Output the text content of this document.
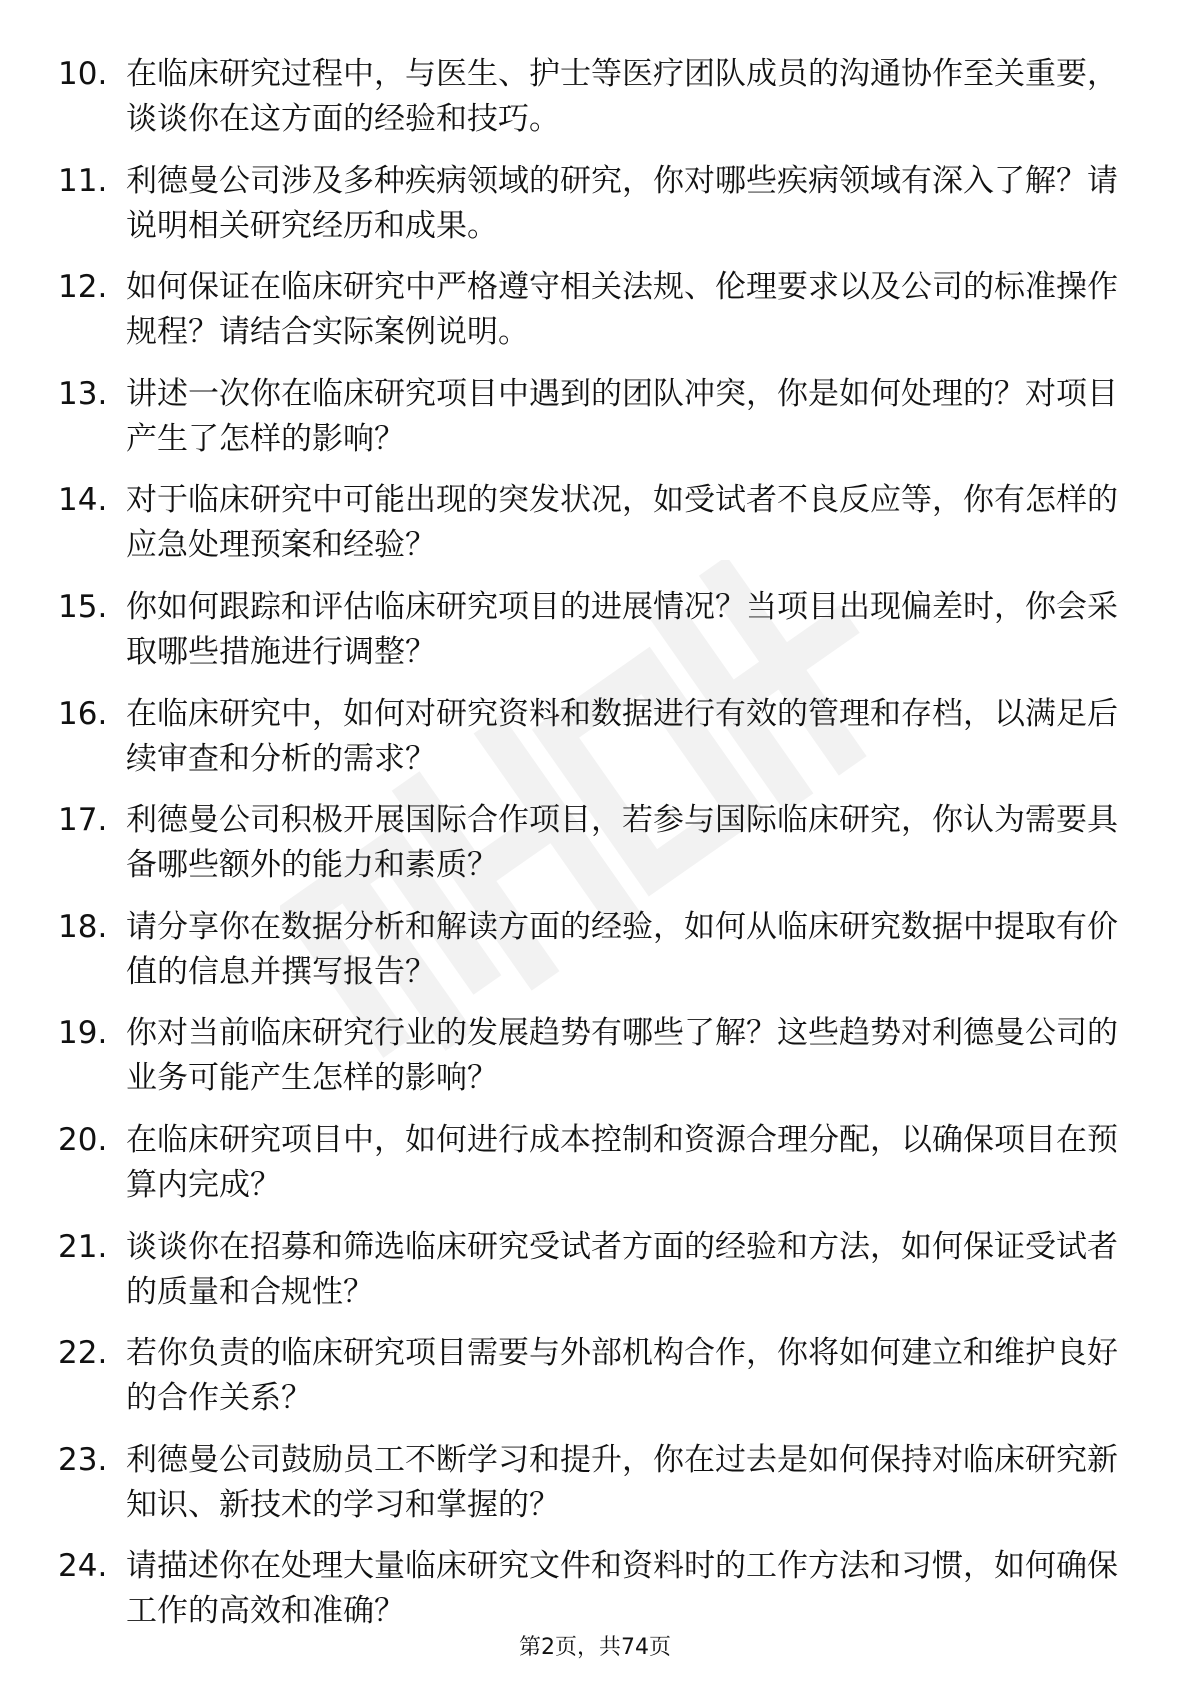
10. 在临床研究过程中，与医生、护士等医疗团队成员的沟通协作至关重要，谈谈你在这方面的经验和技巧。
11. 利德曼公司涉及多种疾病领域的研究，你对哪些疾病领域有深入了解？请说明相关研究经历和成果。
12. 如何保证在临床研究中严格遵守相关法规、伦理要求以及公司的标准操作规程？请结合实际案例说明。
13. 讲述一次你在临床研究项目中遇到的团队冲突，你是如何处理的？对项目产生了怎样的影响？
14. 对于临床研究中可能出现的突发状况，如受试者不良反应等，你有怎样的应急处理预案和经验？
15. 你如何跟踪和评估临床研究项目的进展情况？当项目出现偏差时，你会采取哪些措施进行调整？
16. 在临床研究中，如何对研究资料和数据进行有效的管理和存档，以满足后续审查和分析的需求？
17. 利德曼公司积极开展国际合作项目，若参与国际临床研究，你认为需要具备哪些额外的能力和素质？
18. 请分享你在数据分析和解读方面的经验，如何从临床研究数据中提取有价值的信息并撰写报告？
19. 你对当前临床研究行业的发展趋势有哪些了解？这些趋势对利德曼公司的业务可能产生怎样的影响？
20. 在临床研究项目中，如何进行成本控制和资源合理分配，以确保项目在预算内完成？
21. 谈谈你在招募和筛选临床研究受试者方面的经验和方法，如何保证受试者的质量和合规性？
22. 若你负责的临床研究项目需要与外部机构合作，你将如何建立和维护良好的合作关系？
23. 利德曼公司鼓励员工不断学习和提升，你在过去是如何保持对临床研究新知识、新技术的学习和掌握的？
24. 请描述你在处理大量临床研究文件和资料时的工作方法和习惯，如何确保工作的高效和准确？
第2页，共74页
